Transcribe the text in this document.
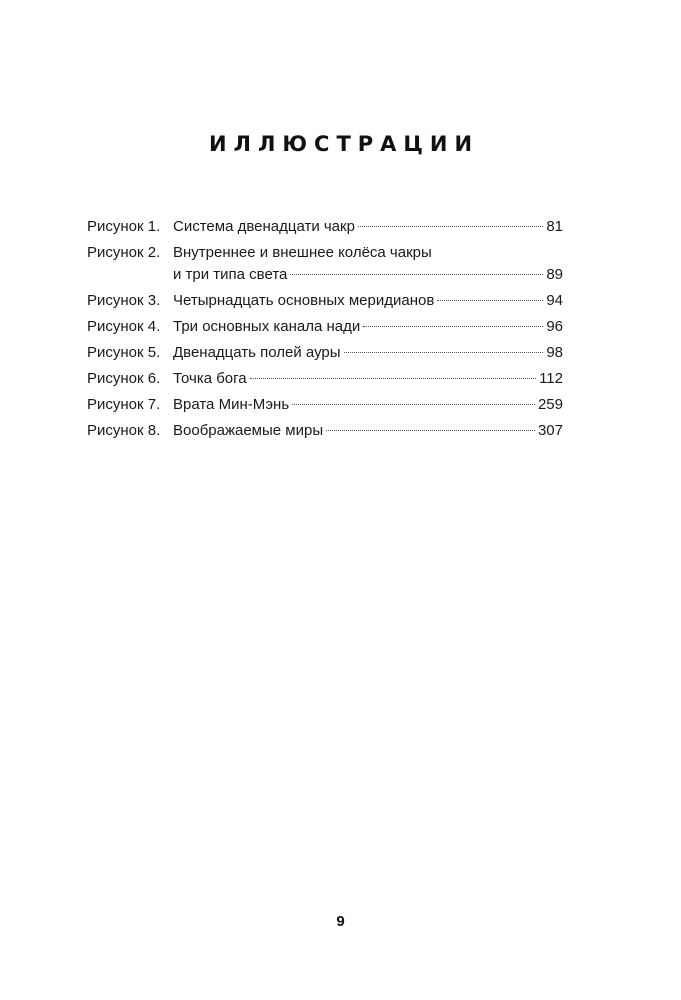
ИЛЛЮСТРАЦИИ
Рисунок 1. Система двенадцати чакр	81
Рисунок 2. Внутреннее и внешнее колёса чакры
и три типа света	89
Рисунок 3. Четырнадцать основных меридианов	94
Рисунок 4. Три основных канала нади	96
Рисунок 5. Двенадцать полей ауры	98
Рисунок 6. Точка бога	112
Рисунок 7. Врата Мин-Мэнь	259
Рисунок 8. Воображаемые миры	307
9
